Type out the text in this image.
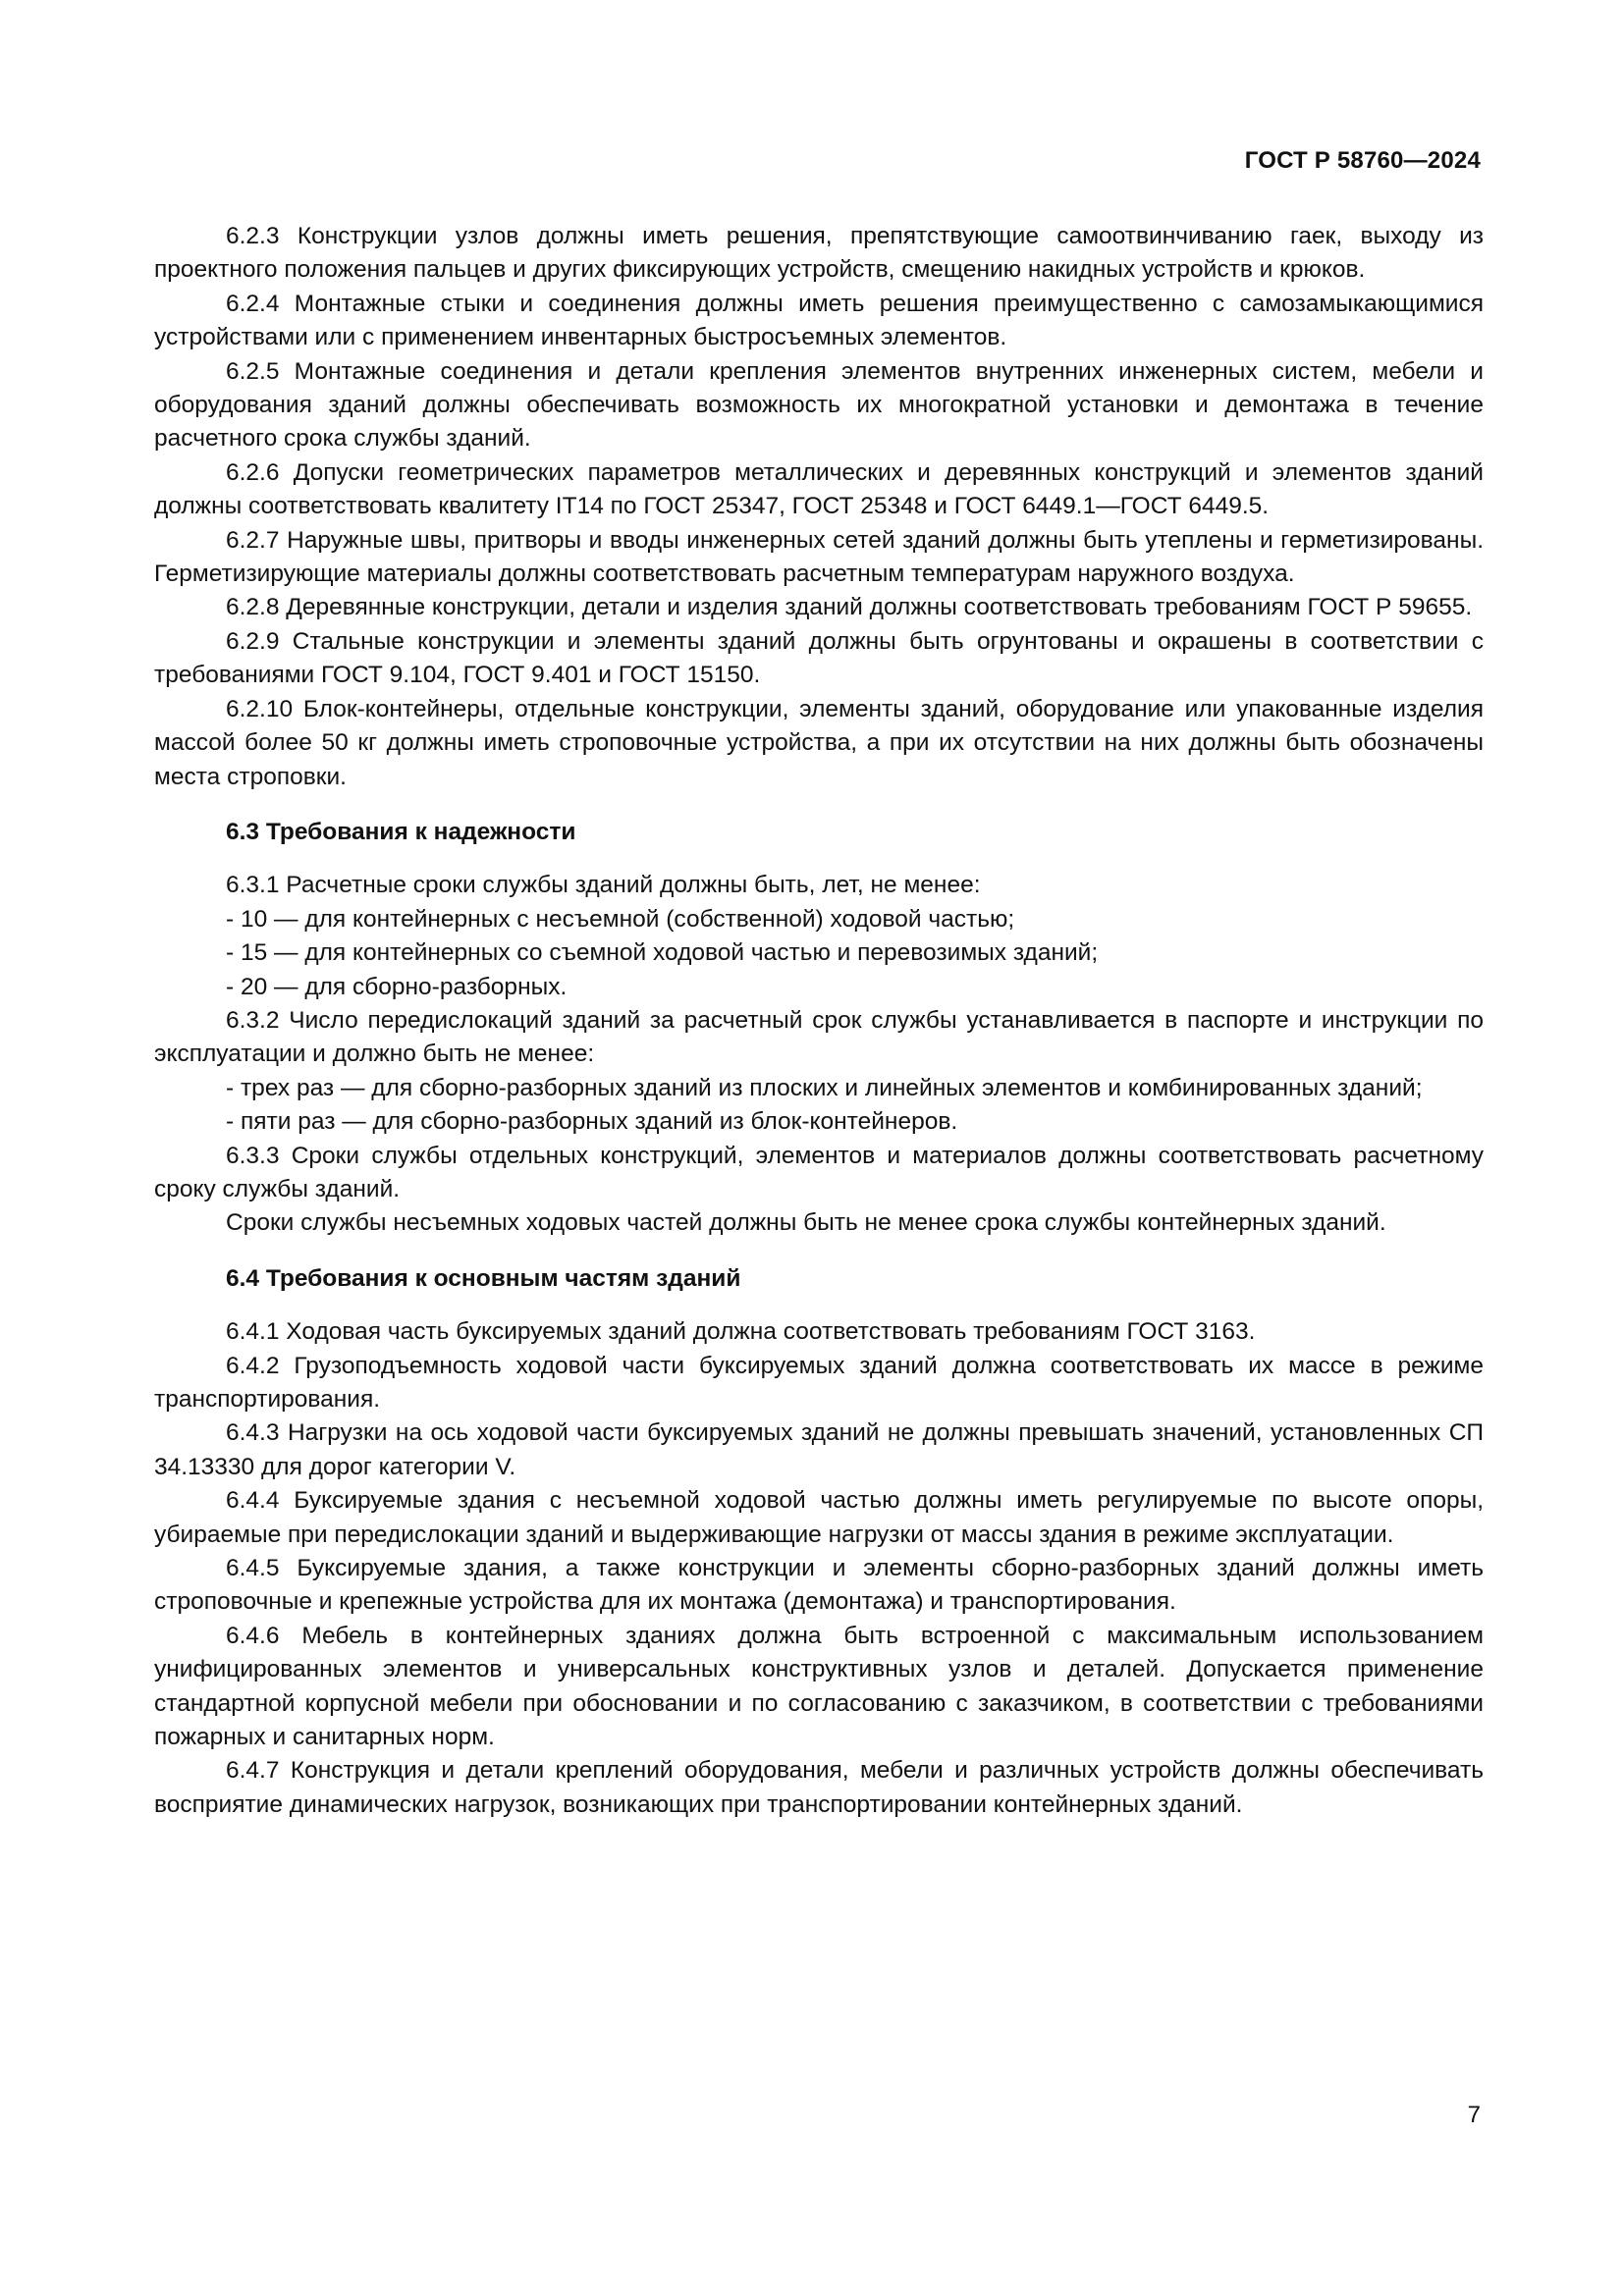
ГОСТ Р 58760—2024

6.2.3 Конструкции узлов должны иметь решения, препятствующие самоотвинчиванию гаек, выходу из проектного положения пальцев и других фиксирующих устройств, смещению накидных устройств и крюков.

6.2.4 Монтажные стыки и соединения должны иметь решения преимущественно с самозамыкающимися устройствами или с применением инвентарных быстросъемных элементов.

6.2.5 Монтажные соединения и детали крепления элементов внутренних инженерных систем, мебели и оборудования зданий должны обеспечивать возможность их многократной установки и демонтажа в течение расчетного срока службы зданий.

6.2.6 Допуски геометрических параметров металлических и деревянных конструкций и элементов зданий должны соответствовать квалитету IT14 по ГОСТ 25347, ГОСТ 25348 и ГОСТ 6449.1—ГОСТ 6449.5.

6.2.7 Наружные швы, притворы и вводы инженерных сетей зданий должны быть утеплены и герметизированы. Герметизирующие материалы должны соответствовать расчетным температурам наружного воздуха.

6.2.8 Деревянные конструкции, детали и изделия зданий должны соответствовать требованиям ГОСТ Р 59655.

6.2.9 Стальные конструкции и элементы зданий должны быть огрунтованы и окрашены в соответствии с требованиями ГОСТ 9.104, ГОСТ 9.401 и ГОСТ 15150.

6.2.10 Блок-контейнеры, отдельные конструкции, элементы зданий, оборудование или упакованные изделия массой более 50 кг должны иметь строповочные устройства, а при их отсутствии на них должны быть обозначены места строповки.

6.3 Требования к надежности

6.3.1 Расчетные сроки службы зданий должны быть, лет, не менее:

- 10 — для контейнерных с несъемной (собственной) ходовой частью;

- 15 — для контейнерных со съемной ходовой частью и перевозимых зданий;

- 20 — для сборно-разборных.

6.3.2 Число передислокаций зданий за расчетный срок службы устанавливается в паспорте и инструкции по эксплуатации и должно быть не менее:

- трех раз — для сборно-разборных зданий из плоских и линейных элементов и комбинированных зданий;

- пяти раз — для сборно-разборных зданий из блок-контейнеров.

6.3.3 Сроки службы отдельных конструкций, элементов и материалов должны соответствовать расчетному сроку службы зданий.

Сроки службы несъемных ходовых частей должны быть не менее срока службы контейнерных зданий.

6.4 Требования к основным частям зданий

6.4.1 Ходовая часть буксируемых зданий должна соответствовать требованиям ГОСТ 3163.

6.4.2 Грузоподъемность ходовой части буксируемых зданий должна соответствовать их массе в режиме транспортирования.

6.4.3 Нагрузки на ось ходовой части буксируемых зданий не должны превышать значений, установленных СП 34.13330 для дорог категории V.

6.4.4 Буксируемые здания с несъемной ходовой частью должны иметь регулируемые по высоте опоры, убираемые при передислокации зданий и выдерживающие нагрузки от массы здания в режиме эксплуатации.

6.4.5 Буксируемые здания, а также конструкции и элементы сборно-разборных зданий должны иметь строповочные и крепежные устройства для их монтажа (демонтажа) и транспортирования.

6.4.6 Мебель в контейнерных зданиях должна быть встроенной с максимальным использованием унифицированных элементов и универсальных конструктивных узлов и деталей. Допускается применение стандартной корпусной мебели при обосновании и по согласованию с заказчиком, в соответствии с требованиями пожарных и санитарных норм.

6.4.7 Конструкция и детали креплений оборудования, мебели и различных устройств должны обеспечивать восприятие динамических нагрузок, возникающих при транспортировании контейнерных зданий.

7
